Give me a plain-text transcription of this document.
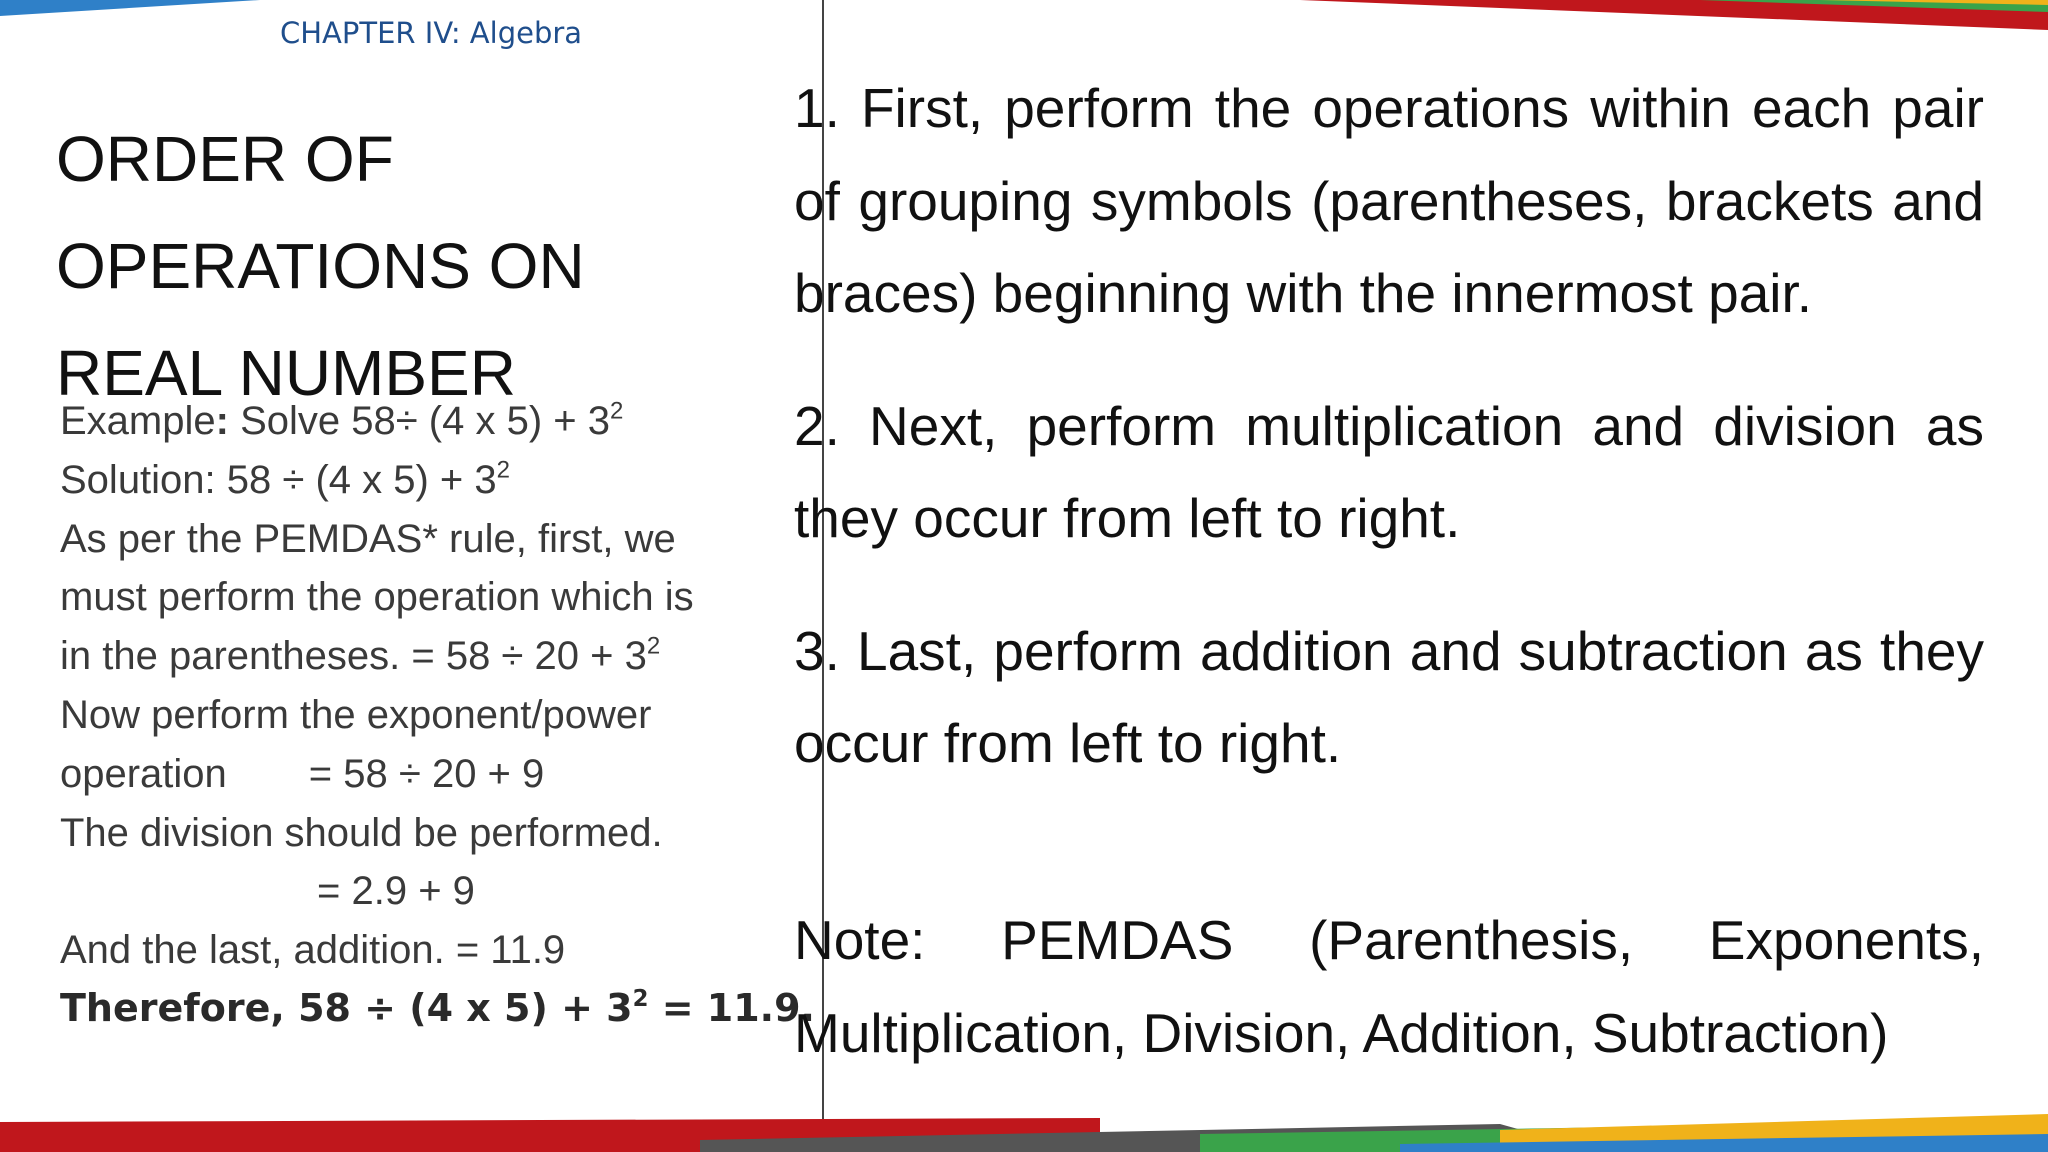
CHAPTER IV: Algebra
ORDER OF
OPERATIONS ON
REAL NUMBER
Example: Solve 58÷ (4 x $5) + 3^2$
Solution: 58 ÷ (4 x $5) + 3^2$
As per the PEMDAS* rule, first, we
must perform the operation which is
in the parentheses. = $58 \div 20 + 3^2$
Now perform the exponent/power
operation = 58 ÷ 20 + 9
The division should be performed.
= 2.9 + 9
And the last, addition. = 11.9
Therefore, 58 ÷ (4 x $5) + 3^2 = 11.9$.

1. First, perform the operations within each pair of grouping symbols (parentheses, brackets and braces) beginning with the innermost pair.

2. Next, perform multiplication and division as they occur from left to right.

3. Last, perform addition and subtraction as they occur from left to right.

Note: PEMDAS (Parenthesis, Exponents, Multiplication, Division, Addition, Subtraction)
